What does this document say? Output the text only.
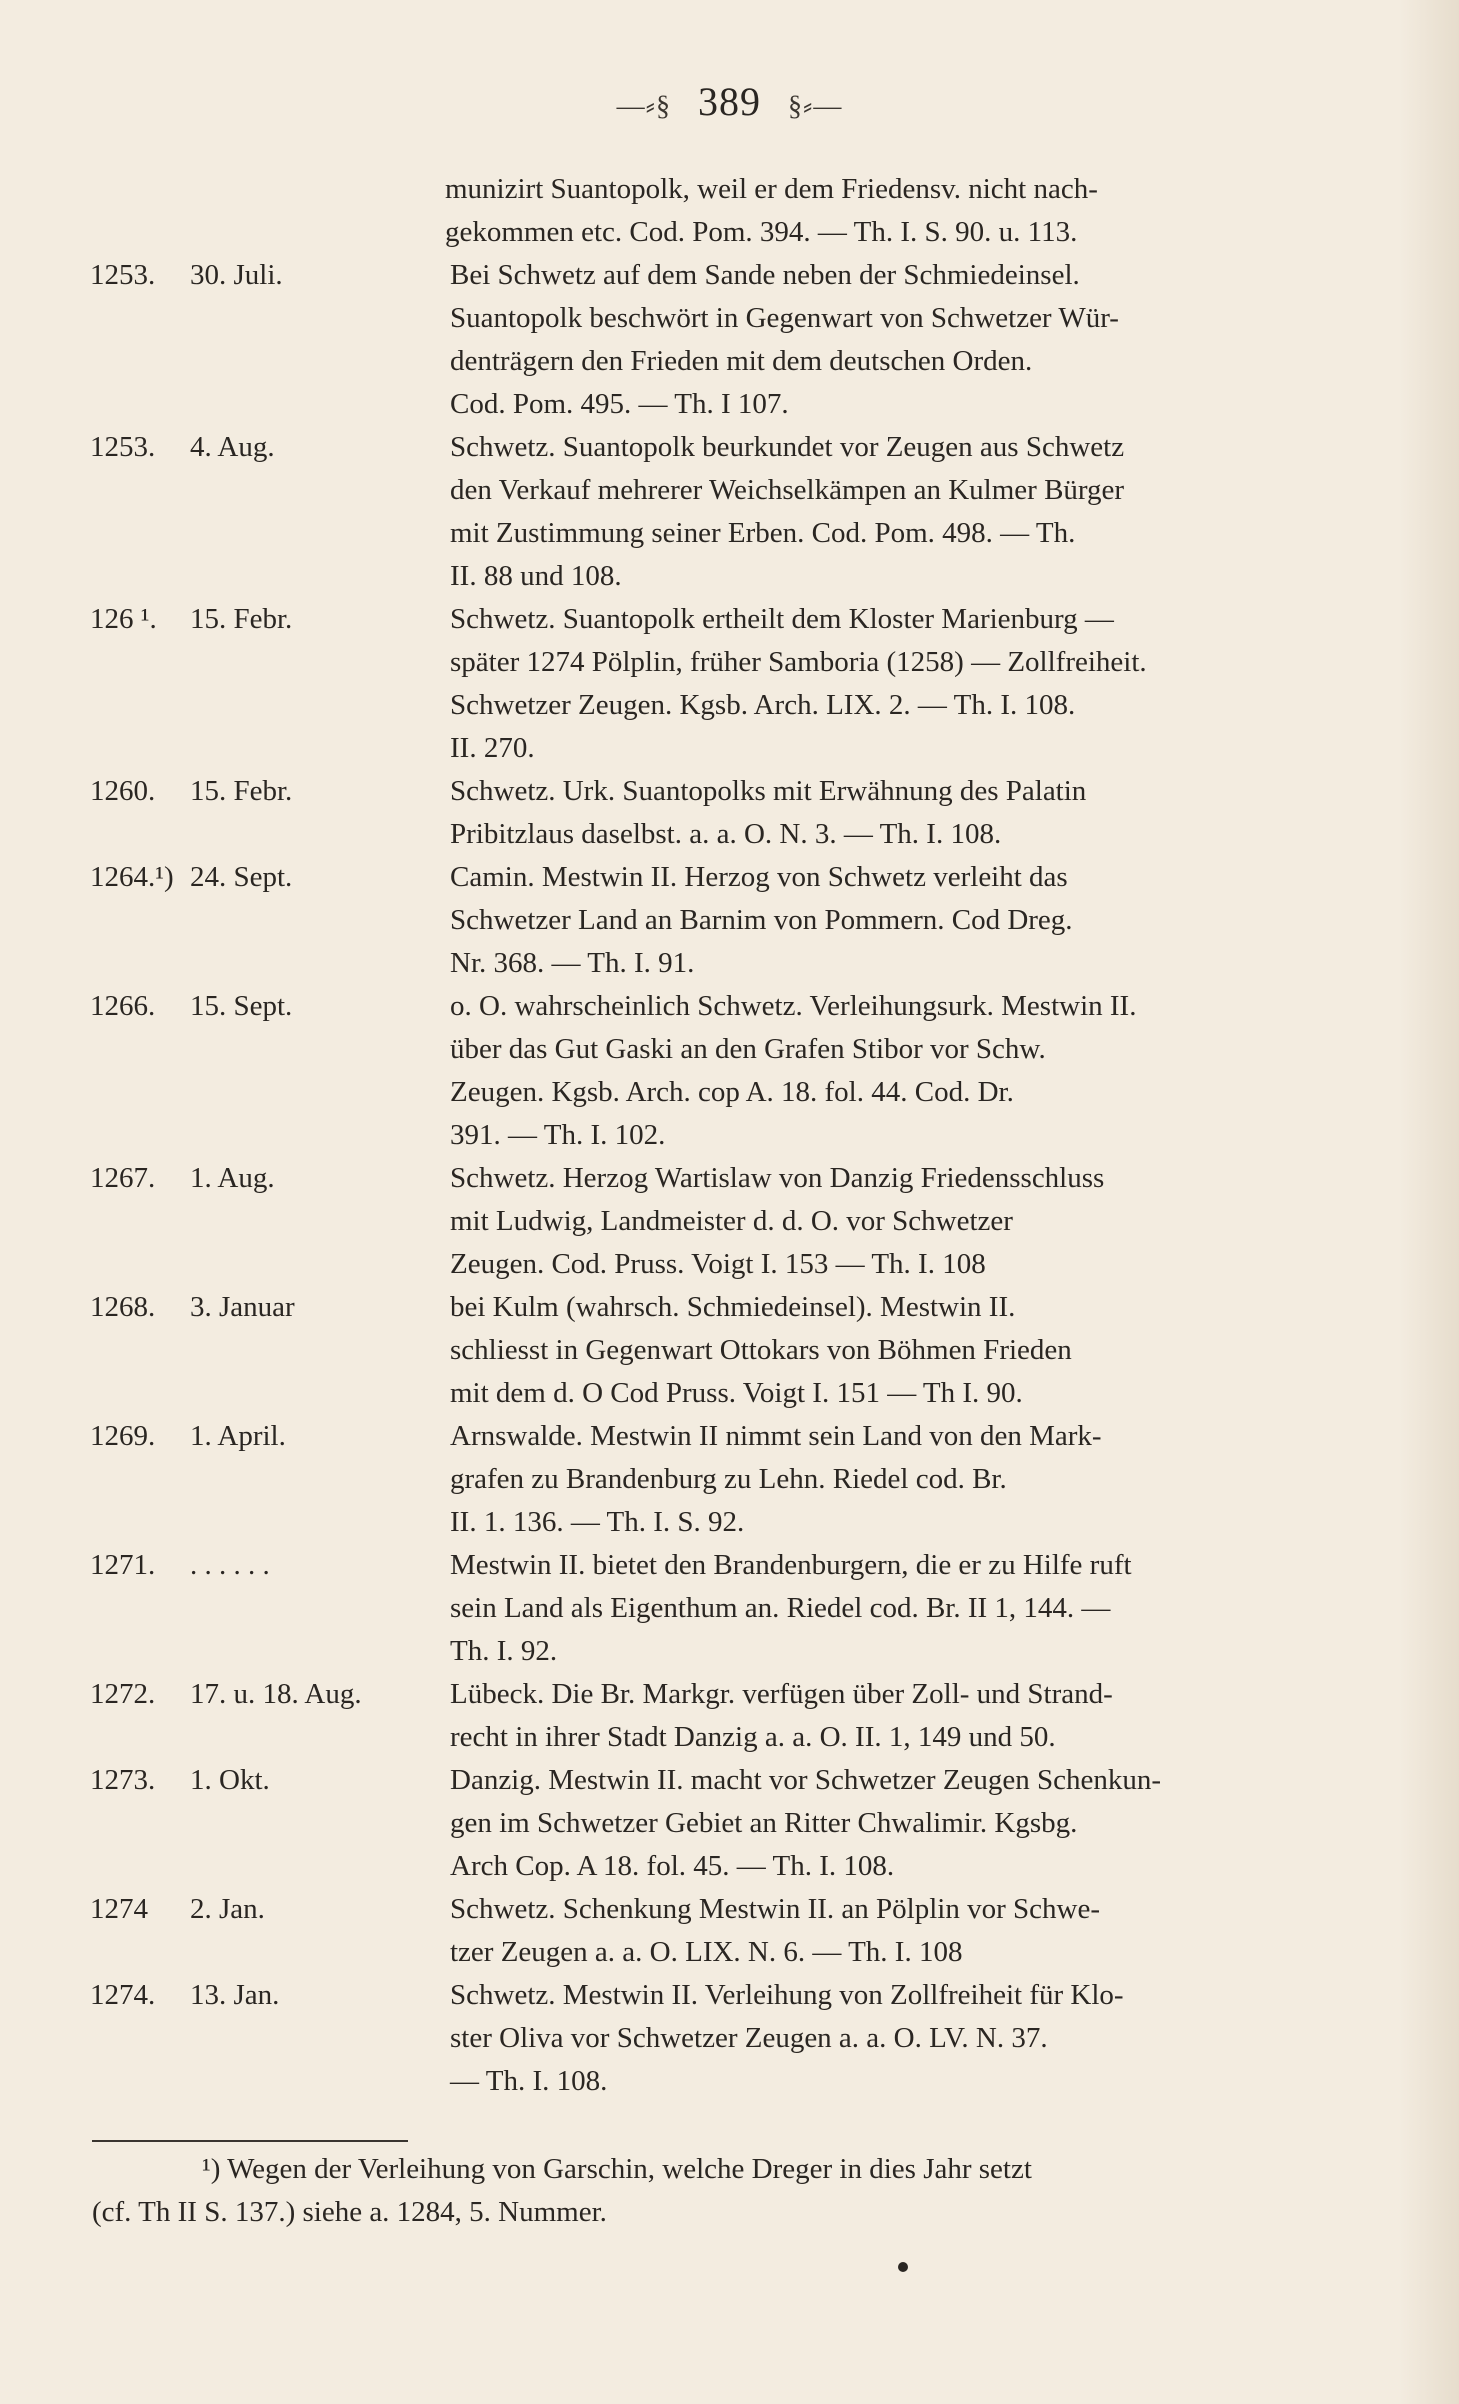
—⸗§ 389 §⸗—
munizirt Suantopolk, weil er dem Friedensv. nicht nach-
gekommen etc. Cod. Pom. 394. — Th. I. S. 90. u. 113.
1253.	30. Juli.	Bei Schwetz auf dem Sande neben der Schmiedeinsel.
Suantopolk beschwört in Gegenwart von Schwetzer Wür-
denträgern den Frieden mit dem deutschen Orden.
Cod. Pom. 495. — Th. I 107.
1253.	4. Aug.	Schwetz. Suantopolk beurkundet vor Zeugen aus Schwetz
den Verkauf mehrerer Weichselkämpen an Kulmer Bürger
mit Zustimmung seiner Erben. Cod. Pom. 498. — Th.
II. 88 und 108.
126 ¹.	15. Febr.	Schwetz. Suantopolk ertheilt dem Kloster Marienburg —
später 1274 Pölplin, früher Samboria (1258) — Zollfreiheit.
Schwetzer Zeugen. Kgsb. Arch. LIX. 2. — Th. I. 108.
II. 270.
1260.	15. Febr.	Schwetz. Urk. Suantopolks mit Erwähnung des Palatin
Pribitzlaus daselbst. a. a. O. N. 3. — Th. I. 108.
1264.¹) 24. Sept.	Camin. Mestwin II. Herzog von Schwetz verleiht das
Schwetzer Land an Barnim von Pommern. Cod Dreg.
Nr. 368. — Th. I. 91.
1266.	15. Sept.	o. O. wahrscheinlich Schwetz. Verleihungsurk. Mestwin II.
über das Gut Gaski an den Grafen Stibor vor Schw.
Zeugen. Kgsb. Arch. cop A. 18. fol. 44. Cod. Dr.
391. — Th. I. 102.
1267.	1. Aug.	Schwetz. Herzog Wartislaw von Danzig Friedensschluss
mit Ludwig, Landmeister d. d. O. vor Schwetzer
Zeugen. Cod. Pruss. Voigt I. 153 — Th. I. 108
1268.	3. Januar	bei Kulm (wahrsch. Schmiedeinsel). Mestwin II.
schliesst in Gegenwart Ottokars von Böhmen Frieden
mit dem d. O Cod Pruss. Voigt I. 151 — Th I. 90.
1269.	1. April.	Arnswalde. Mestwin II nimmt sein Land von den Mark-
grafen zu Brandenburg zu Lehn. Riedel cod. Br.
II. 1. 136. — Th. I. S. 92.
1271.	. . . . . .	Mestwin II. bietet den Brandenburgern, die er zu Hilfe ruft
sein Land als Eigenthum an. Riedel cod. Br. II 1, 144. —
Th. I. 92.
1272.	17. u. 18. Aug.	Lübeck. Die Br. Markgr. verfügen über Zoll- und Strand-
recht in ihrer Stadt Danzig a. a. O. II. 1, 149 und 50.
1273.	1. Okt.	Danzig. Mestwin II. macht vor Schwetzer Zeugen Schenkun-
gen im Schwetzer Gebiet an Ritter Chwalimir. Kgsbg.
Arch Cop. A 18. fol. 45. — Th. I. 108.
1274	2. Jan.	Schwetz. Schenkung Mestwin II. an Pölplin vor Schwe-
tzer Zeugen a. a. O. LIX. N. 6. — Th. I. 108
1274.	13. Jan.	Schwetz. Mestwin II. Verleihung von Zollfreiheit für Klo-
ster Oliva vor Schwetzer Zeugen a. a. O. LV. N. 37.
— Th. I. 108.
¹) Wegen der Verleihung von Garschin, welche Dreger in dies Jahr setzt
(cf. Th II S. 137.) siehe a. 1284, 5. Nummer.
